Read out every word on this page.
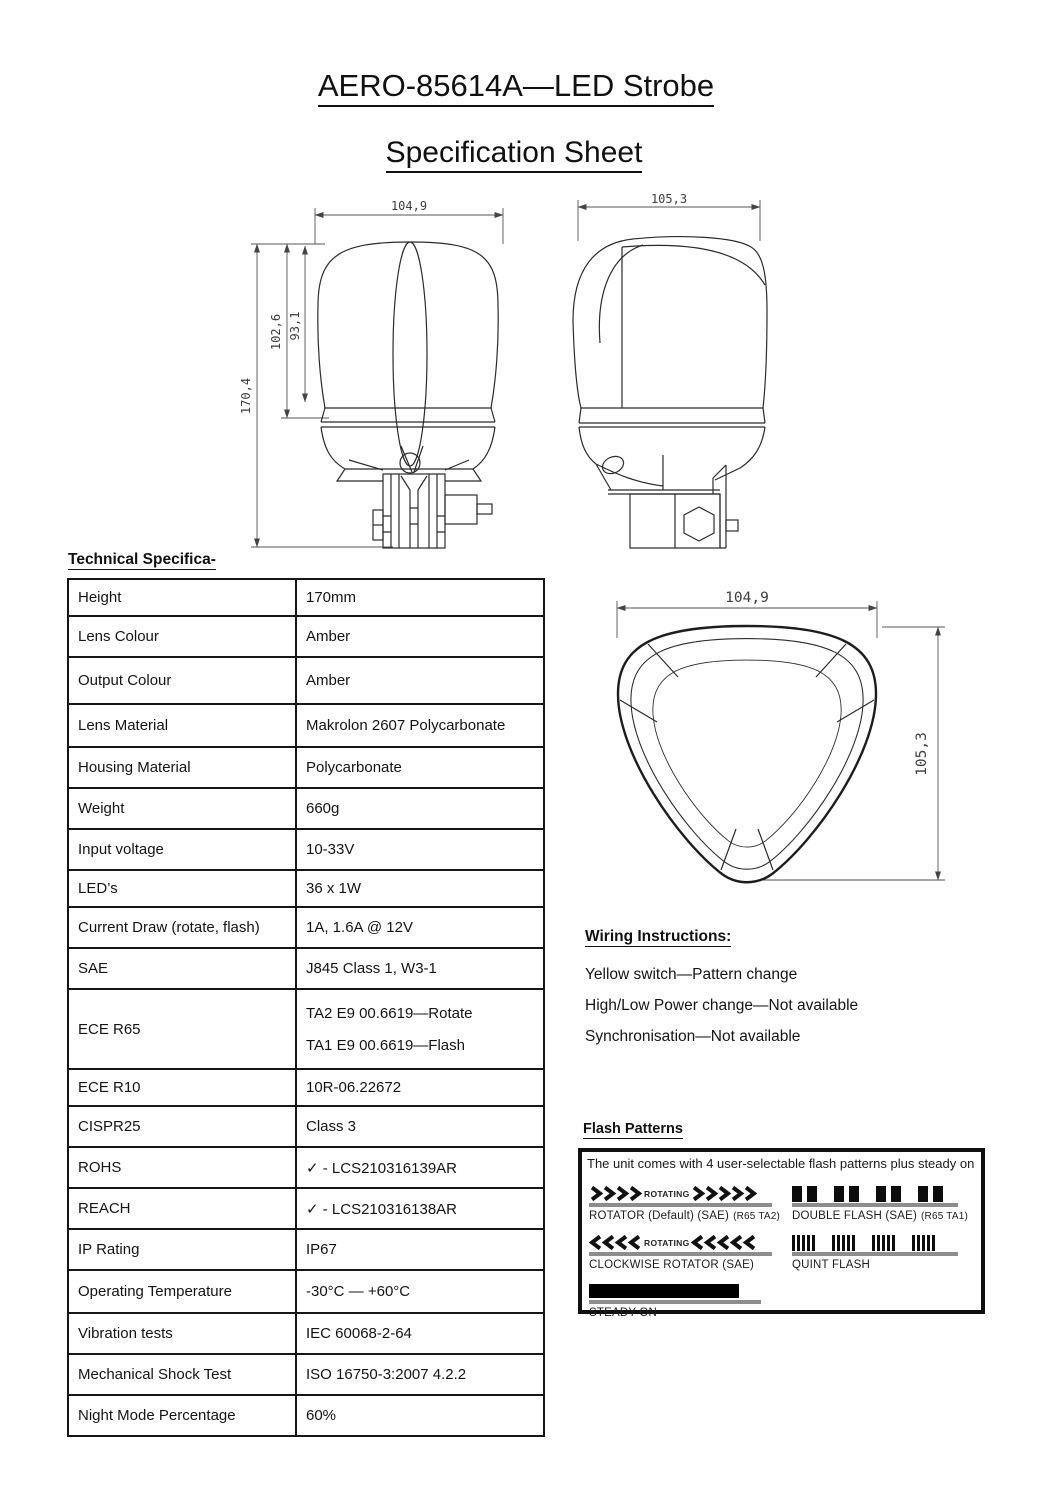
AERO-85614A—LED Strobe
Specification Sheet
104,9
170,4
102,6 93,1
105,3
Technical Specifica-
Height	170mm
Lens Colour	Amber
Output Colour	Amber
Lens Material	Makrolon 2607 Polycarbonate
Housing Material	Polycarbonate
Weight	660g
Input voltage	10-33V
LED’s	36 x 1W
Current Draw (rotate, flash)	1A, 1.6A @ 12V
SAE	J845 Class 1, W3-1
ECE R65	TA2 E9 00.6619—Rotate
TA1 E9 00.6619—Flash

ECE R10	10R-06.22672
CISPR25	Class 3
ROHS	✓ - LCS210316139AR
REACH	✓ - LCS210316138AR
IP Rating	IP67
Operating Temperature	-30°C — +60°C
Vibration tests	IEC 60068-2-64
Mechanical Shock Test	ISO 16750-3:2007 4.2.2
Night Mode Percentage	60%
104,9
105,3
Wiring Instructions:
Yellow switch—Pattern change
High/Low Power change—Not available
Synchronisation—Not available
Flash Patterns
The unit comes with 4 user-selectable flash patterns plus steady on
ROTATING
ROTATOR (Default) (SAE) (R65 TA2) DOUBLE FLASH (SAE) (R65 TA1)
ROTATING
CLOCKWISE ROTATOR (SAE)	QUINT FLASH
STEADY ON
